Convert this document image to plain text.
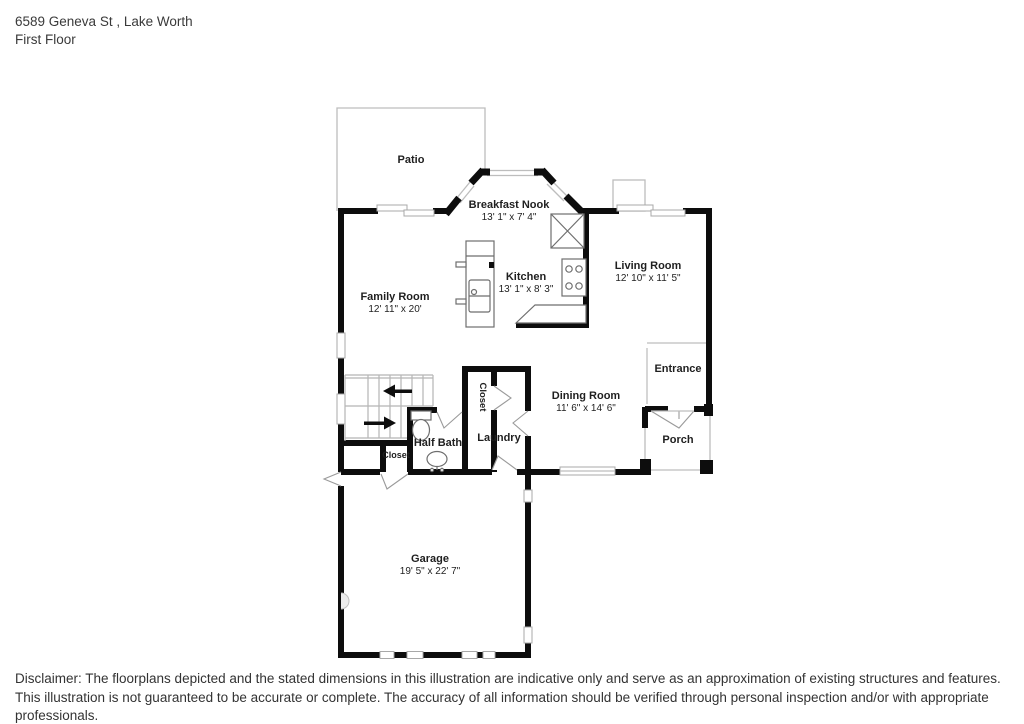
6589 Geneva St , Lake Worth
First Floor
Patio
Breakfast Nook
13' 1" x 7' 4"
Kitchen
13' 1" x 8' 3"
Living Room
12' 10" x 11' 5"
Family Room
12' 11" x 20'
Entrance
Dining Room
11' 6" x 14' 6"
Closet
Half Bath Laundry
Closet
Porch
Garage
19' 5" x 22' 7"
Disclaimer: The floorplans depicted and the stated dimensions in this illustration are indicative only and serve as an approximation of existing structures and features.
This illustration is not guaranteed to be accurate or complete. The accuracy of all information should be verified through personal inspection and/or with appropriate professionals.
